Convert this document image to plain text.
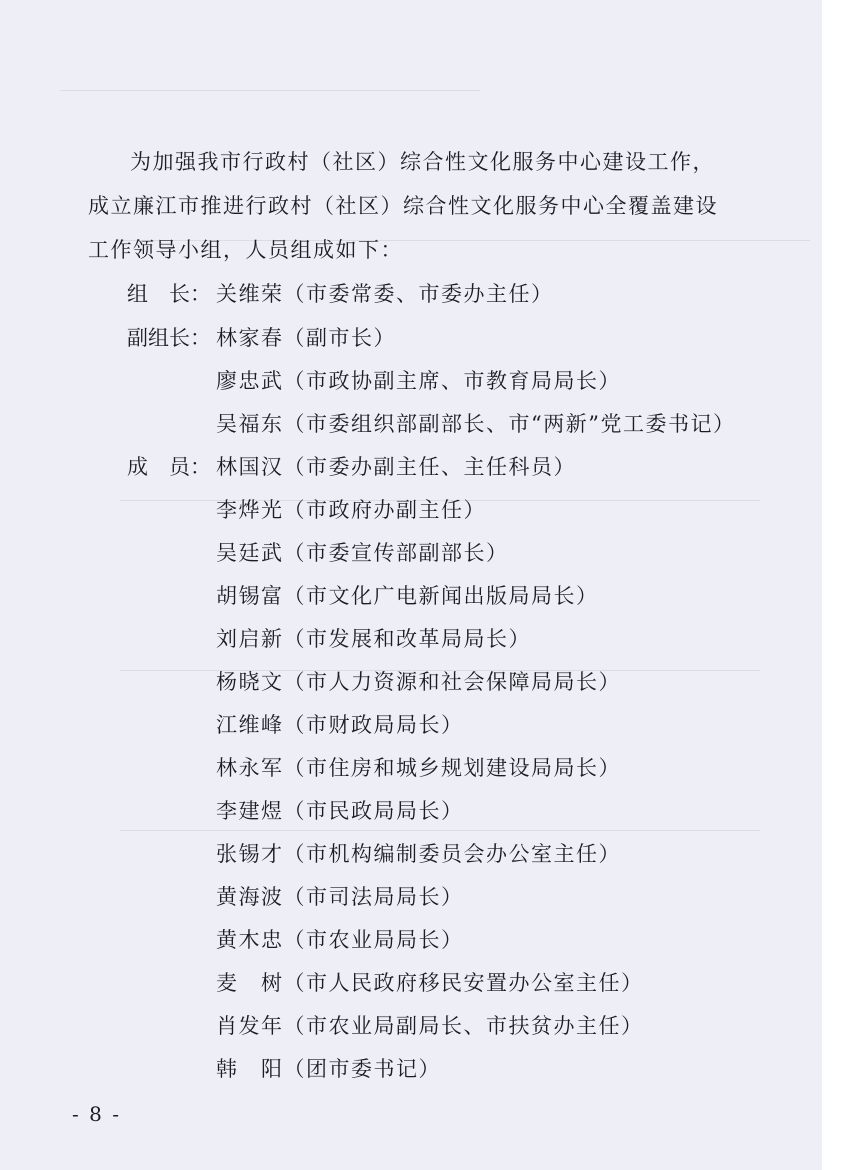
为加强我市行政村（社区）综合性文化服务中心建设工作，
成立廉江市推进行政村（社区）综合性文化服务中心全覆盖建设
工作领导小组，人员组成如下：
组　长：
副组长：
成　员：
关维荣（市委常委、市委办主任）
林家春（副市长）
廖忠武（市政协副主席、市教育局局长）
吴福东（市委组织部副部长、市“两新”党工委书记）
林国汉（市委办副主任、主任科员）
李烨光（市政府办副主任）
吴廷武（市委宣传部副部长）
胡锡富（市文化广电新闻出版局局长）
刘启新（市发展和改革局局长）
杨晓文（市人力资源和社会保障局局长）
江维峰（市财政局局长）
林永军（市住房和城乡规划建设局局长）
李建煜（市民政局局长）
张锡才（市机构编制委员会办公室主任）
黄海波（市司法局局长）
黄木忠（市农业局局长）
麦　树（市人民政府移民安置办公室主任）
肖发年（市农业局副局长、市扶贫办主任）
韩　阳（团市委书记）
- 8 -
